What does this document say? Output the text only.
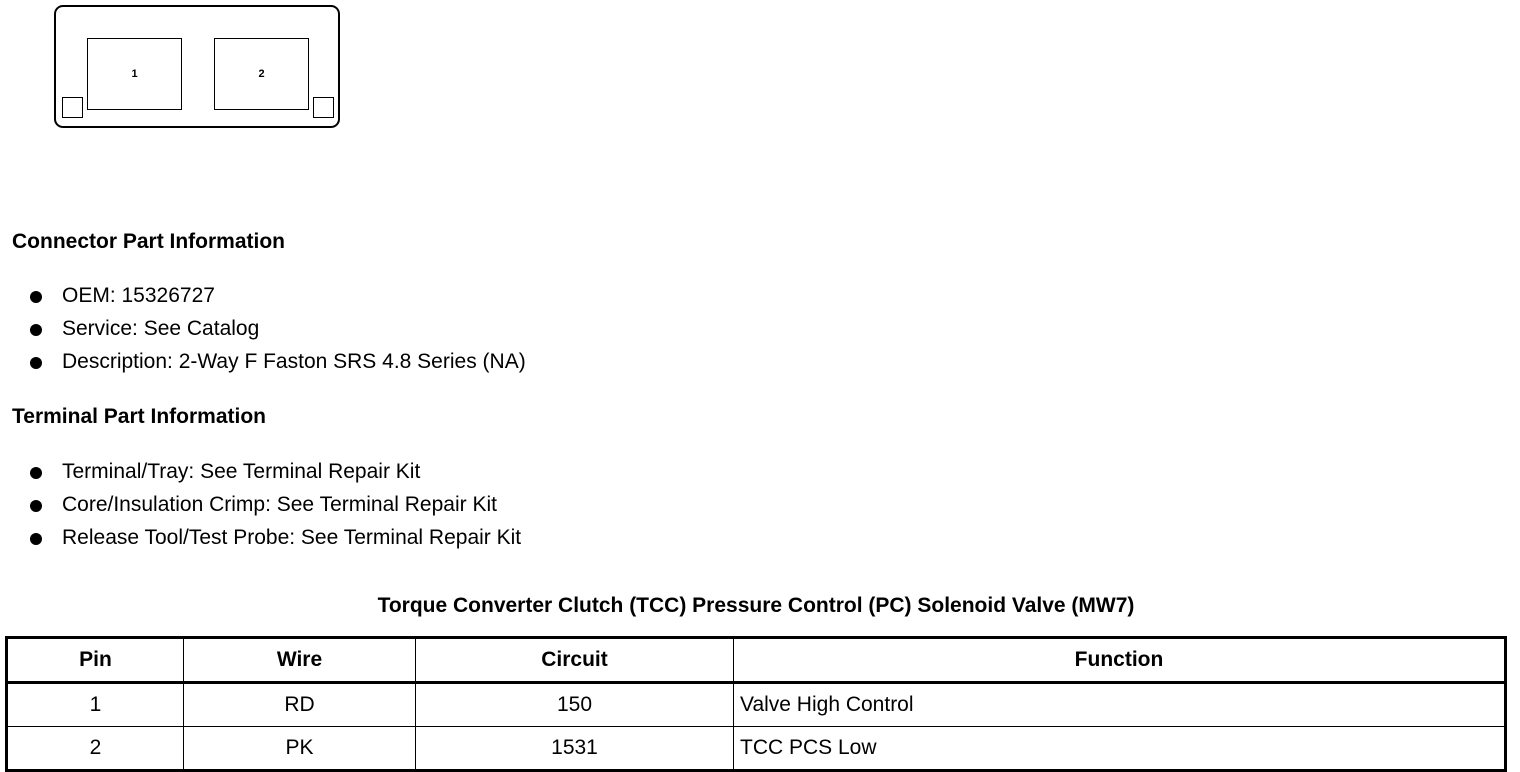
1	2
Connector Part Information
OEM: 15326727
Service: See Catalog
Description: 2-Way F Faston SRS 4.8 Series (NA)
Terminal Part Information
Terminal/Tray: See Terminal Repair Kit
Core/Insulation Crimp: See Terminal Repair Kit
Release Tool/Test Probe: See Terminal Repair Kit
Torque Converter Clutch (TCC) Pressure Control (PC) Solenoid Valve (MW7)
Pin	Wire	Circuit	Function
1	RD	150	Valve High Control
2	PK	1531	TCC PCS Low
